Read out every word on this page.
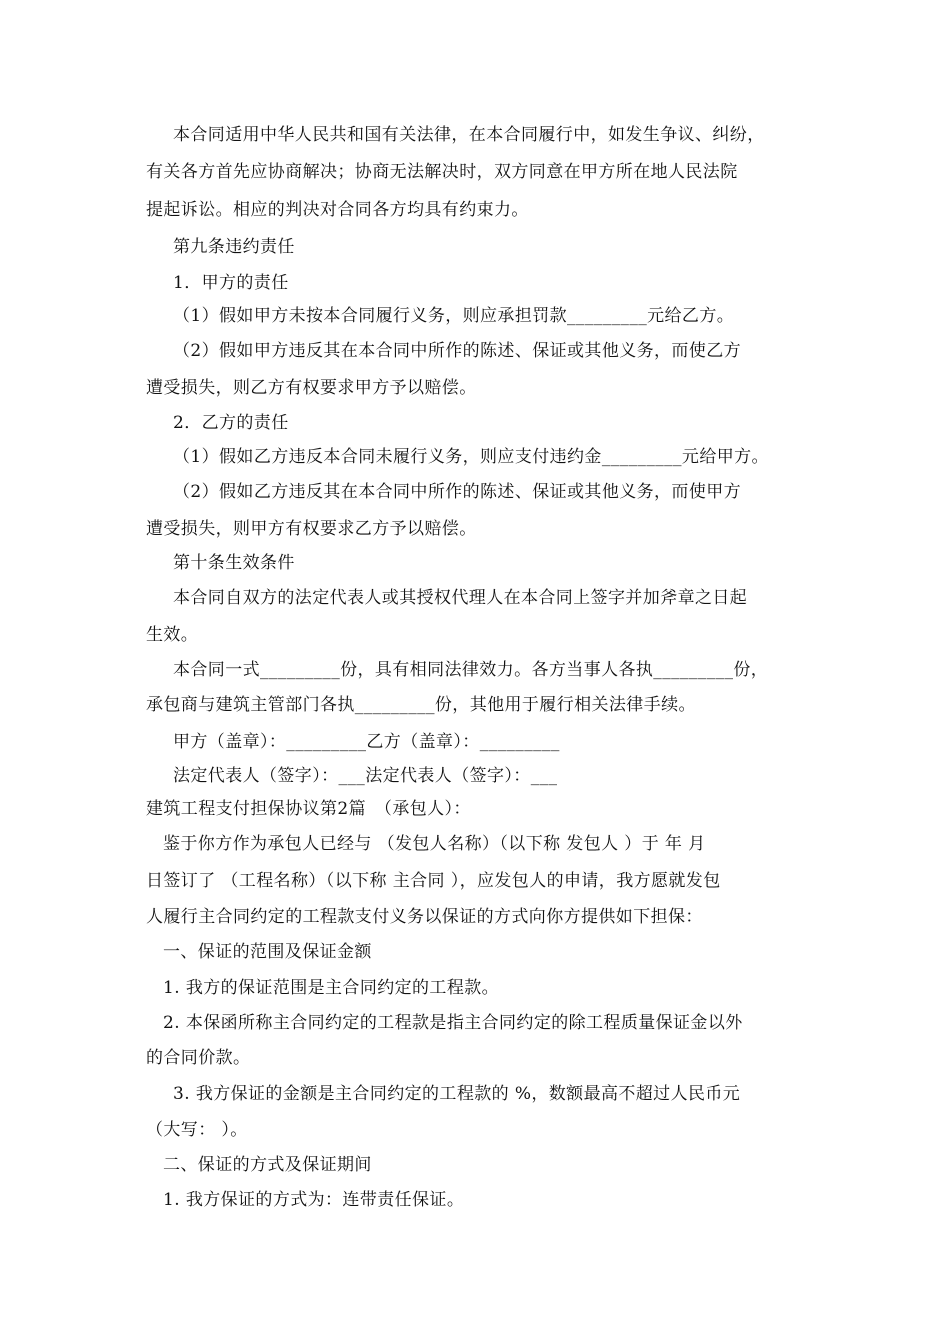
本合同适用中华人民共和国有关法律，在本合同履行中，如发生争议、纠纷，
有关各方首先应协商解决；协商无法解决时，双方同意在甲方所在地人民法院
提起诉讼。相应的判决对合同各方均具有约束力。
第九条违约责任
1．甲方的责任
（1）假如甲方未按本合同履行义务，则应承担罚款_________元给乙方。
（2）假如甲方违反其在本合同中所作的陈述、保证或其他义务，而使乙方
遭受损失，则乙方有权要求甲方予以赔偿。
2．乙方的责任
（1）假如乙方违反本合同未履行义务，则应支付违约金_________元给甲方。
（2）假如乙方违反其在本合同中所作的陈述、保证或其他义务，而使甲方
遭受损失，则甲方有权要求乙方予以赔偿。
第十条生效条件
本合同自双方的法定代表人或其授权代理人在本合同上签字并加斧章之日起
生效。
本合同一式_________份，具有相同法律效力。各方当事人各执_________份，
承包商与建筑主管部门各执_________份，其他用于履行相关法律手续。
甲方（盖章）：_________乙方（盖章）：_________
法定代表人（签字）：___法定代表人（签字）：___
建筑工程支付担保协议第2篇　（承包人）：
鉴于你方作为承包人已经与 （发包人名称）（以下称 发包人 ）于 年 月
日签订了 （工程名称）（以下称 主合同 ），应发包人的申请，我方愿就发包
人履行主合同约定的工程款支付义务以保证的方式向你方提供如下担保：
一、保证的范围及保证金额
1. 我方的保证范围是主合同约定的工程款。
2. 本保函所称主合同约定的工程款是指主合同约定的除工程质量保证金以外
的合同价款。
3. 我方保证的金额是主合同约定的工程款的 %，数额最高不超过人民币元
（大写： ）。
二、保证的方式及保证期间
1. 我方保证的方式为：连带责任保证。
